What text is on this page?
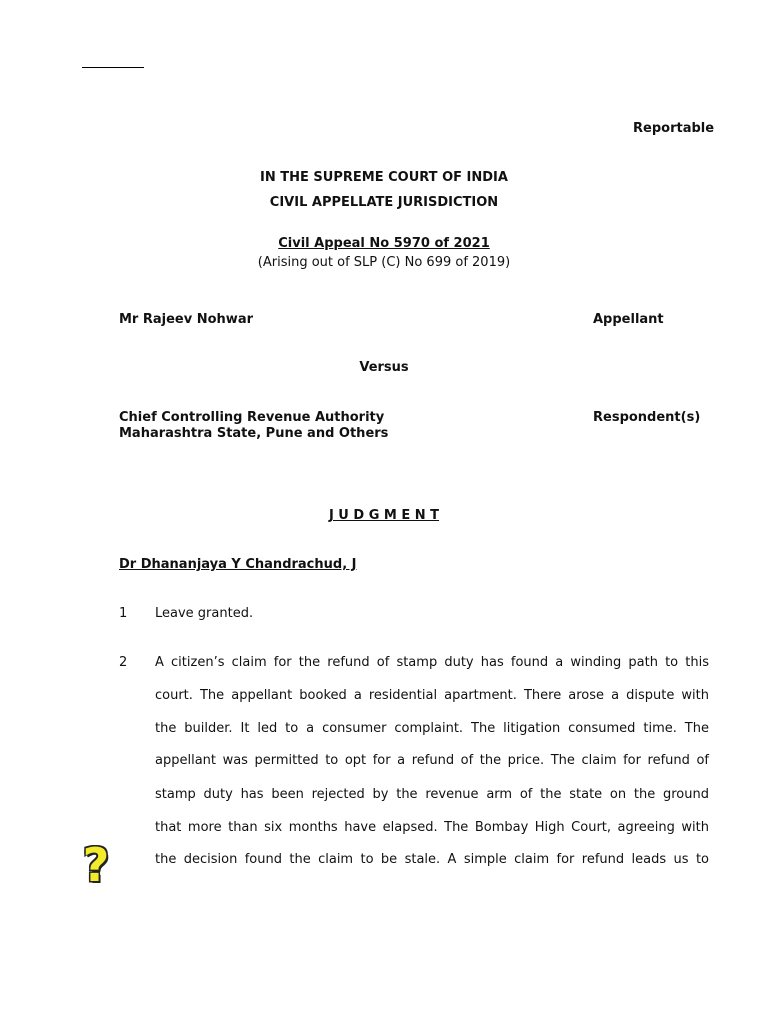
Reportable
IN THE SUPREME COURT OF INDIA
CIVIL APPELLATE JURISDICTION
Civil Appeal No 5970 of 2021
(Arising out of SLP (C) No 699 of 2019)
Mr Rajeev Nohwar	Appellant
Versus
Chief Controlling Revenue Authority
Maharashtra State, Pune and Others
Respondent(s)
J U D G M E N T
Dr Dhananjaya Y Chandrachud, J
1 Leave granted.
2 A citizen’s claim for the refund of stamp duty has found a winding path to this
court. The appellant booked a residential apartment. There arose a dispute with
the builder. It led to a consumer complaint. The litigation consumed time. The
appellant was permitted to opt for a refund of the price. The claim for refund of
stamp duty has been rejected by the revenue arm of the state on the ground
that more than six months have elapsed. The Bombay High Court, agreeing with
the decision found the claim to be stale. A simple claim for refund leads us to
?
